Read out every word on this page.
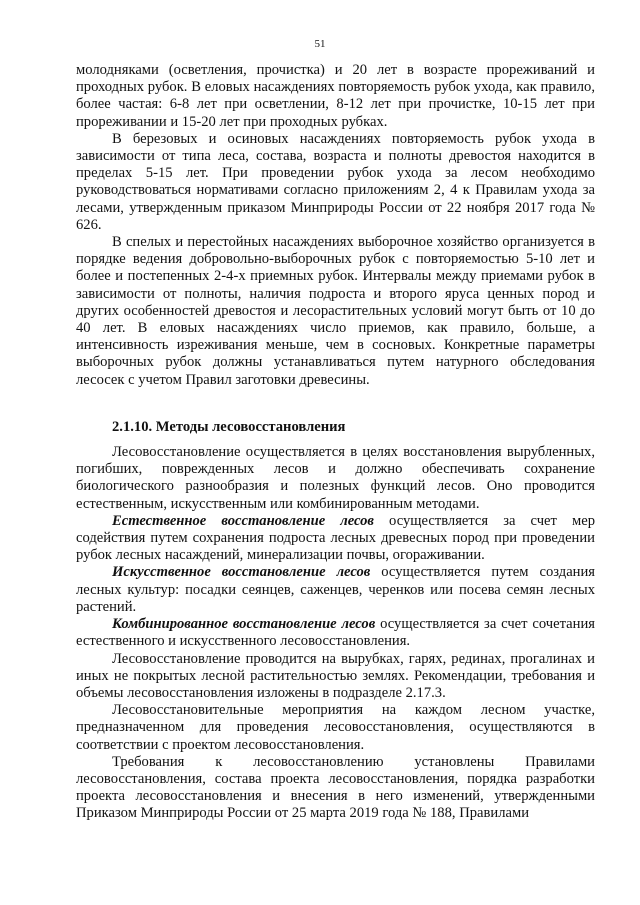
51

молодняками (осветления, прочистка) и 20 лет в возрасте прореживаний и проходных рубок. В еловых насаждениях повторяемость рубок ухода, как правило, более частая: 6-8 лет при осветлении, 8-12 лет при прочистке, 10-15 лет при прореживании и 15-20 лет при проходных рубках.

В березовых и осиновых насаждениях повторяемость рубок ухода в зависимости от типа леса, состава, возраста и полноты древостоя находится в пределах 5-15 лет. При проведении рубок ухода за лесом необходимо руководствоваться нормативами согласно приложениям 2, 4 к Правилам ухода за лесами, утвержденным приказом Минприроды России от 22 ноября 2017 года № 626.

В спелых и перестойных насаждениях выборочное хозяйство организуется в порядке ведения добровольно-выборочных рубок с повторяемостью 5-10 лет и более и постепенных 2-4-х приемных рубок. Интервалы между приемами рубок в зависимости от полноты, наличия подроста и второго яруса ценных пород и других особенностей древостоя и лесорастительных условий могут быть от 10 до 40 лет. В еловых насаждениях число приемов, как правило, больше, а интенсивность изреживания меньше, чем в сосновых. Конкретные параметры выборочных рубок должны устанавливаться путем натурного обследования лесосек с учетом Правил заготовки древесины.

2.1.10. Методы лесовосстановления

Лесовосстановление осуществляется в целях восстановления вырубленных, погибших, поврежденных лесов и должно обеспечивать сохранение биологического разнообразия и полезных функций лесов. Оно проводится естественным, искусственным или комбинированным методами.

Естественное восстановление лесов осуществляется за счет мер содействия путем сохранения подроста лесных древесных пород при проведении рубок лесных насаждений, минерализации почвы, огораживании.

Искусственное восстановление лесов осуществляется путем создания лесных культур: посадки сеянцев, саженцев, черенков или посева семян лесных растений.

Комбинированное восстановление лесов осуществляется за счет сочетания естественного и искусственного лесовосстановления.

Лесовосстановление проводится на вырубках, гарях, рединах, прогалинах и иных не покрытых лесной растительностью землях. Рекомендации, требования и объемы лесовосстановления изложены в подразделе 2.17.3.

Лесовосстановительные мероприятия на каждом лесном участке, предназначенном для проведения лесовосстановления, осуществляются в соответствии с проектом лесовосстановления.

Требования к лесовосстановлению установлены Правилами лесовосстановления, состава проекта лесовосстановления, порядка разработки проекта лесовосстановления и внесения в него изменений, утвержденными Приказом Минприроды России от 25 марта 2019 года № 188, Правилами
